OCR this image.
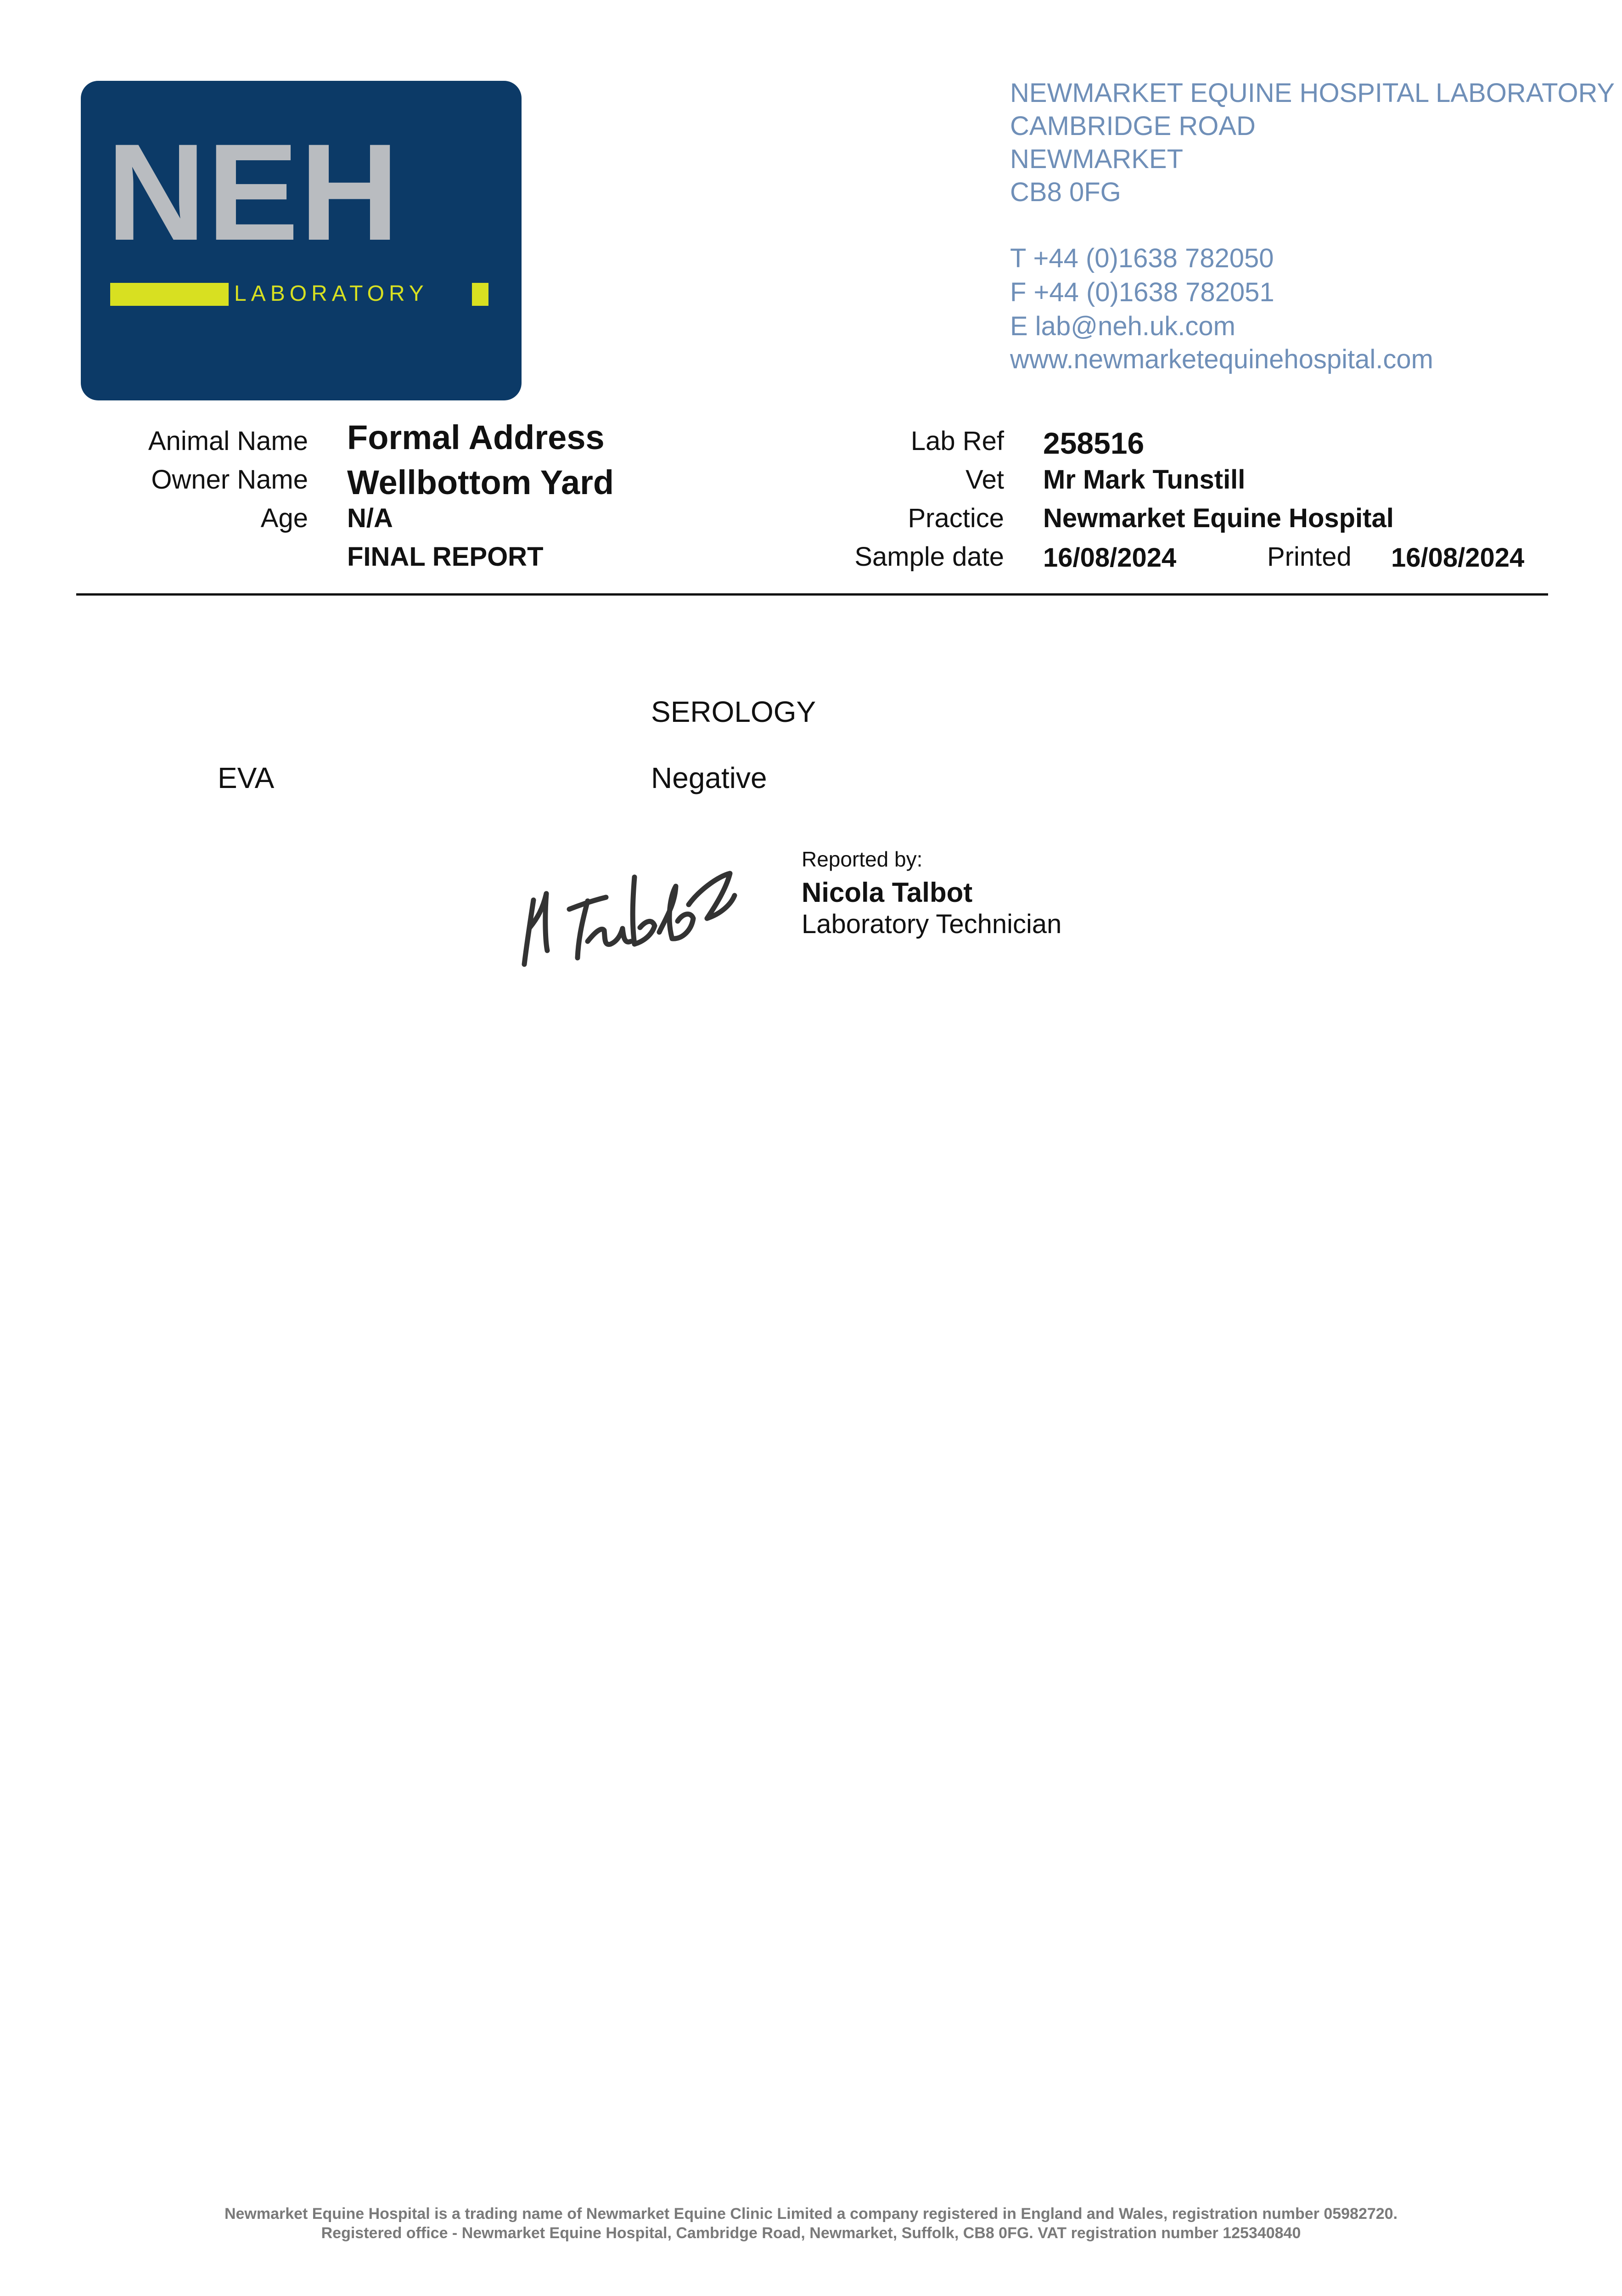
NEH
LABORATORY
NEWMARKET EQUINE HOSPITAL LABORATORY
CAMBRIDGE ROAD
NEWMARKET
CB8 0FG
T +44 (0)1638 782050
F +44 (0)1638 782051
E lab@neh.uk.com
www.newmarketequinehospital.com
Animal Name Formal Address
Owner Name Wellbottom Yard
Age N/A
FINAL REPORT
Lab Ref 258516
Vet Mr Mark Tunstill
Practice Newmarket Equine Hospital
Sample date 16/08/2024	Printed 16/08/2024
SEROLOGY
EVA	Negative
Reported by:
Nicola Talbot
Laboratory Technician
Newmarket Equine Hospital is a trading name of Newmarket Equine Clinic Limited a company registered in England and Wales, registration number 05982720.
Registered office - Newmarket Equine Hospital, Cambridge Road, Newmarket, Suffolk, CB8 0FG. VAT registration number 125340840
